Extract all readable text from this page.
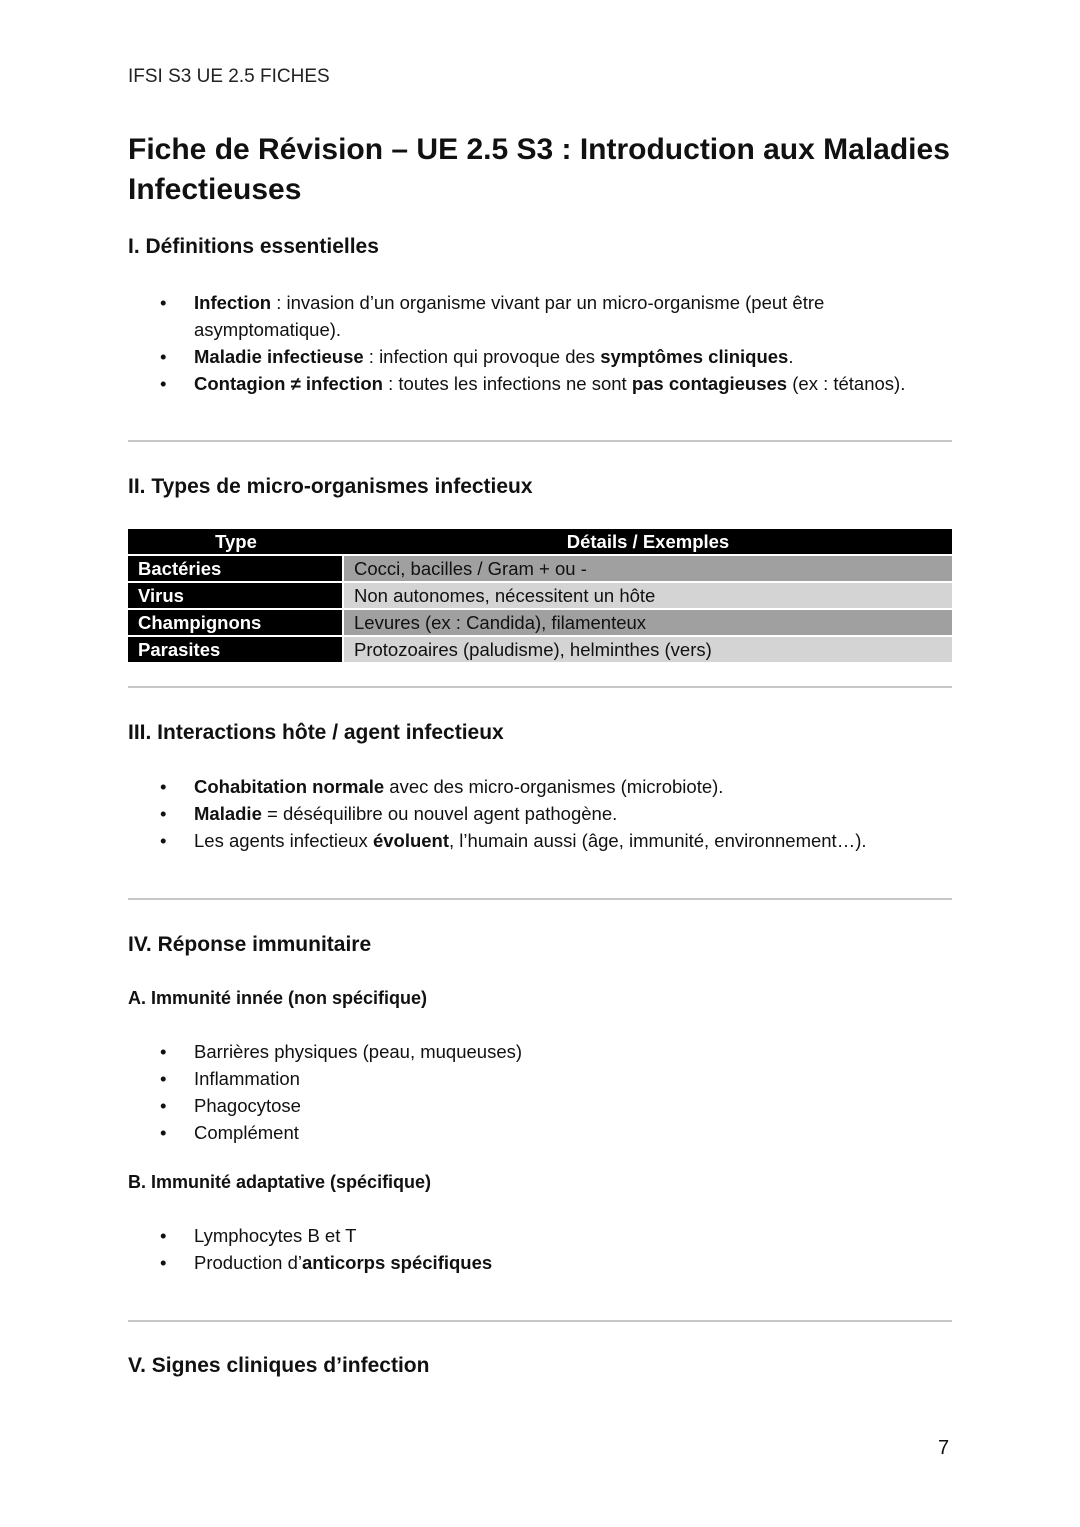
IFSI S3 UE 2.5 FICHES
Fiche de Révision – UE 2.5 S3 : Introduction aux Maladies Infectieuses
I. Définitions essentielles
• Infection : invasion d’un organisme vivant par un micro-organisme (peut être asymptomatique).
• Maladie infectieuse : infection qui provoque des symptômes cliniques.
• Contagion ≠ infection : toutes les infections ne sont pas contagieuses (ex : tétanos).
II. Types de micro-organismes infectieux
Type	Détails / Exemples
Bactéries	Cocci, bacilles / Gram + ou -
Virus	Non autonomes, nécessitent un hôte
Champignons	Levures (ex : Candida), filamenteux
Parasites	Protozoaires (paludisme), helminthes (vers)
III. Interactions hôte / agent infectieux
• Cohabitation normale avec des micro-organismes (microbiote).
• Maladie = déséquilibre ou nouvel agent pathogène.
• Les agents infectieux évoluent, l’humain aussi (âge, immunité, environnement…).
IV. Réponse immunitaire
A. Immunité innée (non spécifique)
• Barrières physiques (peau, muqueuses)
• Inflammation
• Phagocytose
• Complément
B. Immunité adaptative (spécifique)
• Lymphocytes B et T
• Production d’anticorps spécifiques
V. Signes cliniques d’infection
7
